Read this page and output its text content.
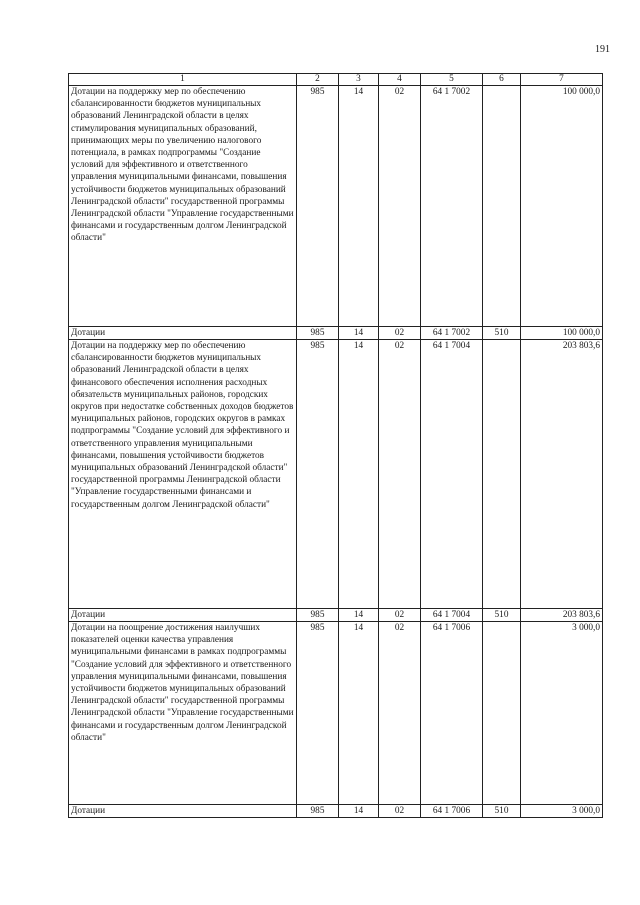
191
1	2	3	4	5	6	7
Дотации на поддержку мер по обеспечению сбалансированности бюджетов муниципальных образований Ленинградской области в целях стимулирования муниципальных образований, принимающих меры по увеличению налогового потенциала, в рамках подпрограммы "Создание условий для эффективного и ответственного управления муниципальными финансами, повышения устойчивости бюджетов муниципальных образований Ленинградской области" государственной программы Ленинградской области "Управление государственными финансами и государственным долгом Ленинградской области"	985	14	02	64 1 7002		100 000,0
Дотации	985	14	02	64 1 7002	510	100 000,0
Дотации на поддержку мер по обеспечению сбалансированности бюджетов муниципальных образований Ленинградской области в целях финансового обеспечения исполнения расходных обязательств муниципальных районов, городских округов при недостатке собственных доходов бюджетов муниципальных районов, городских округов в рамках подпрограммы "Создание условий для эффективного и ответственного управления муниципальными финансами, повышения устойчивости бюджетов муниципальных образований Ленинградской области" государственной программы Ленинградской области "Управление государственными финансами и государственным долгом Ленинградской области"	985	14	02	64 1 7004		203 803,6
Дотации	985	14	02	64 1 7004	510	203 803,6
Дотации на поощрение достижения наилучших показателей оценки качества управления муниципальными финансами в рамках подпрограммы "Создание условий для эффективного и ответственного управления муниципальными финансами, повышения устойчивости бюджетов муниципальных образований Ленинградской области" государственной программы Ленинградской области "Управление государственными финансами и государственным долгом Ленинградской области"	985	14	02	64 1 7006		3 000,0
Дотации	985	14	02	64 1 7006	510	3 000,0
